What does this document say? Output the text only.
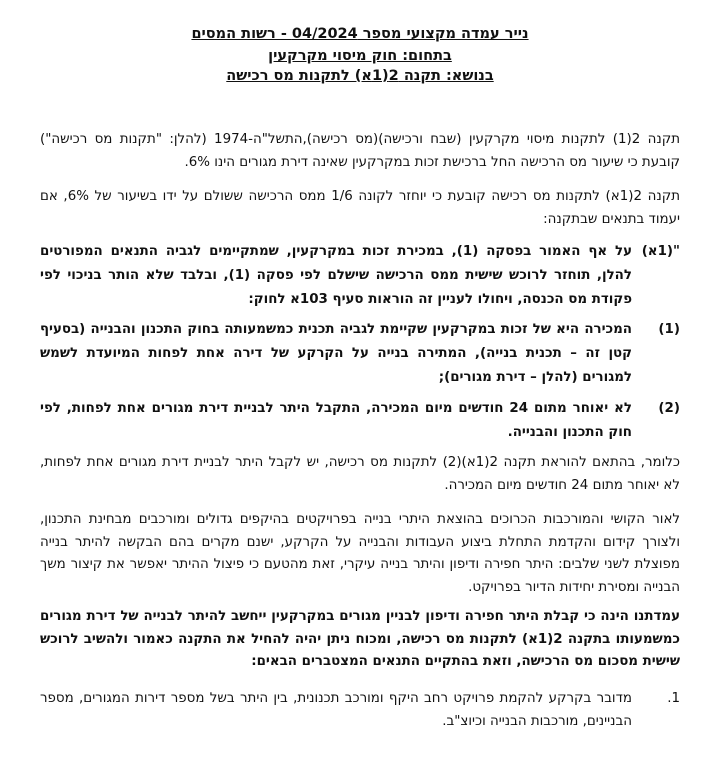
נייר עמדה מקצועי מספר 04/2024 - רשות המסים
בתחום: חוק מיסוי מקרקעין
בנושא: תקנה 2(1א) לתקנות מס רכישה

תקנה 2(1) לתקנות מיסוי מקרקעין (שבח ורכישה)(מס רכישה),התשל"ה-1974 (להלן: "תקנות מס רכישה") קובעת כי שיעור מס הרכישה החל ברכישת זכות במקרקעין שאינה דירת מגורים הינו 6%.

תקנה 2(1א) לתקנות מס רכישה קובעת כי יוחזר לקונה 1/6 ממס הרכישה ששולם על ידו בשיעור של 6%, אם יעמוד בתנאים שבתקנה:

"(1א)
על אף האמור בפסקה (1), במכירת זכות במקרקעין, שמתקיימים לגביה התנאים המפורטים להלן, תוחזר לרוכש שישית ממס הרכישה שישלם לפי פסקה (1), ובלבד שלא הותר בניכוי לפי פקודת מס הכנסה, ויחולו לעניין זה הוראות סעיף 103א לחוק:
(1)
המכירה היא של זכות במקרקעין שקיימת לגביה תכנית כמשמעותה בחוק התכנון והבנייה (בסעיף קטן זה – תכנית בנייה), המתירה בנייה על הקרקע של דירה אחת לפחות המיועדת לשמש למגורים (להלן – דירת מגורים);
(2)
לא יאוחר מתום 24 חודשים מיום המכירה, התקבל היתר לבניית דירת מגורים אחת לפחות, לפי חוק התכנון והבנייה.

כלומר, בהתאם להוראת תקנה 2(1א)(2) לתקנות מס רכישה, יש לקבל היתר לבניית דירת מגורים אחת לפחות, לא יאוחר מתום 24 חודשים מיום המכירה.

לאור הקושי והמורכבות הכרוכים בהוצאת היתרי בנייה בפרויקטים בהיקפים גדולים ומורכבים מבחינת התכנון, ולצורך קידום והקדמת התחלת ביצוע העבודות והבנייה על הקרקע, ישנם מקרים בהם הבקשה להיתר בנייה מפוצלת לשני שלבים: היתר חפירה ודיפון והיתר בנייה עיקרי, זאת מהטעם כי פיצול ההיתר יאפשר את קיצור משך הבנייה ומסירת יחידות הדיור בפרויקט.

עמדתנו הינה כי קבלת היתר חפירה ודיפון לבניין מגורים במקרקעין ייחשב להיתר לבנייה של דירת מגורים כמשמעותו בתקנה 2(1א) לתקנות מס רכישה, ומכוח ניתן יהיה להחיל את התקנה כאמור ולהשיב לרוכש שישית מסכום מס הרכישה, וזאת בהתקיים התנאים המצטברים הבאים:

1.
מדובר בקרקע להקמת פרויקט רחב היקף ומורכב תכנונית, בין היתר בשל מספר דירות המגורים, מספר הבניינים, מורכבות הבנייה וכיוצ"ב.
